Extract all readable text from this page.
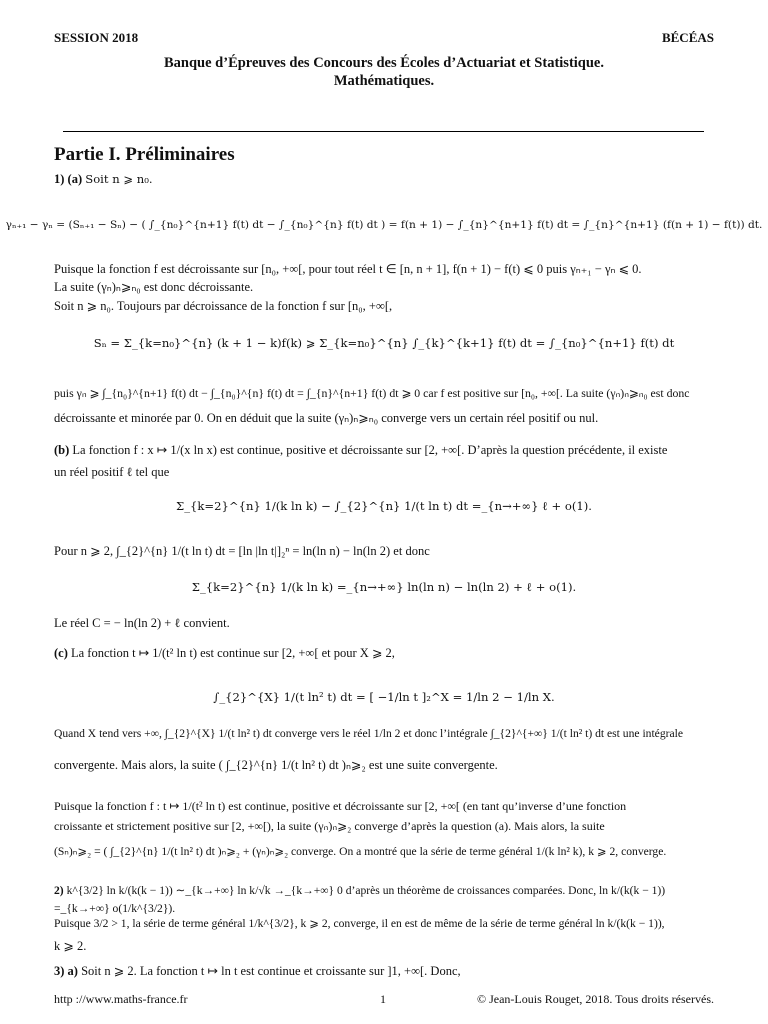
SESSION 2018	BÉCÉAS
Banque d’Épreuves des Concours des Écoles d’Actuariat et Statistique.
Mathématiques.
Partie I. Préliminaires
1) (a) Soit n ⩾ n₀.
γₙ₊₁ − γₙ = (Sₙ₊₁ − Sₙ) − ( ∫_{n₀}^{n+1} f(t) dt − ∫_{n₀}^{n} f(t) dt ) = f(n + 1) − ∫_{n}^{n+1} f(t) dt = ∫_{n}^{n+1} (f(n + 1) − f(t)) dt.
Puisque la fonction f est décroissante sur [n₀, +∞[, pour tout réel t ∈ [n, n + 1], f(n + 1) − f(t) ⩽ 0 puis γₙ₊₁ − γₙ ⩽ 0.
La suite (γₙ)ₙ⩾ₙ₀ est donc décroissante.
Soit n ⩾ n₀. Toujours par décroissance de la fonction f sur [n₀, +∞[,
Sₙ = Σ_{k=n₀}^{n} (k + 1 − k)f(k) ⩾ Σ_{k=n₀}^{n} ∫_{k}^{k+1} f(t) dt = ∫_{n₀}^{n+1} f(t) dt
puis γₙ ⩾ ∫_{n₀}^{n+1} f(t) dt − ∫_{n₀}^{n} f(t) dt = ∫_{n}^{n+1} f(t) dt ⩾ 0 car f est positive sur [n₀, +∞[. La suite (γₙ)ₙ⩾ₙ₀ est donc
décroissante et minorée par 0. On en déduit que la suite (γₙ)ₙ⩾ₙ₀ converge vers un certain réel positif ou nul.
(b) La fonction f : x ↦ 1/(x ln x) est continue, positive et décroissante sur [2, +∞[. D’après la question précédente, il existe
un réel positif ℓ tel que
Σ_{k=2}^{n} 1/(k ln k) − ∫_{2}^{n} 1/(t ln t) dt =_{n→+∞} ℓ + o(1).
Pour n ⩾ 2, ∫_{2}^{n} 1/(t ln t) dt = [ln |ln t|]₂ⁿ = ln(ln n) − ln(ln 2) et donc
Σ_{k=2}^{n} 1/(k ln k) =_{n→+∞} ln(ln n) − ln(ln 2) + ℓ + o(1).
Le réel C = − ln(ln 2) + ℓ convient.
(c) La fonction t ↦ 1/(t² ln t) est continue sur [2, +∞[ et pour X ⩾ 2,
∫_{2}^{X} 1/(t ln² t) dt = [ −1/ln t ]₂^X = 1/ln 2 − 1/ln X.
Quand X tend vers +∞, ∫_{2}^{X} 1/(t ln² t) dt converge vers le réel 1/ln 2 et donc l’intégrale ∫_{2}^{+∞} 1/(t ln² t) dt est une intégrale
convergente. Mais alors, la suite ( ∫_{2}^{n} 1/(t ln² t) dt )ₙ⩾₂ est une suite convergente.
Puisque la fonction f : t ↦ 1/(t² ln t) est continue, positive et décroissante sur [2, +∞[ (en tant qu’inverse d’une fonction
croissante et strictement positive sur [2, +∞[), la suite (γₙ)ₙ⩾₂ converge d’après la question (a). Mais alors, la suite
(Sₙ)ₙ⩾₂ = ( ∫_{2}^{n} 1/(t ln² t) dt )ₙ⩾₂ + (γₙ)ₙ⩾₂ converge. On a montré que la série de terme général 1/(k ln² k), k ⩾ 2, converge.
2) k^{3/2} ln k/(k(k − 1)) ∼_{k→+∞} ln k/√k →_{k→+∞} 0 d’après un théorème de croissances comparées. Donc, ln k/(k(k − 1)) =_{k→+∞} o(1/k^{3/2}).
Puisque 3/2 > 1, la série de terme général 1/k^{3/2}, k ⩾ 2, converge, il en est de même de la série de terme général ln k/(k(k − 1)),
k ⩾ 2.
3) a) Soit n ⩾ 2. La fonction t ↦ ln t est continue et croissante sur ]1, +∞[. Donc,
http ://www.maths-france.fr	1	© Jean-Louis Rouget, 2018. Tous droits réservés.
